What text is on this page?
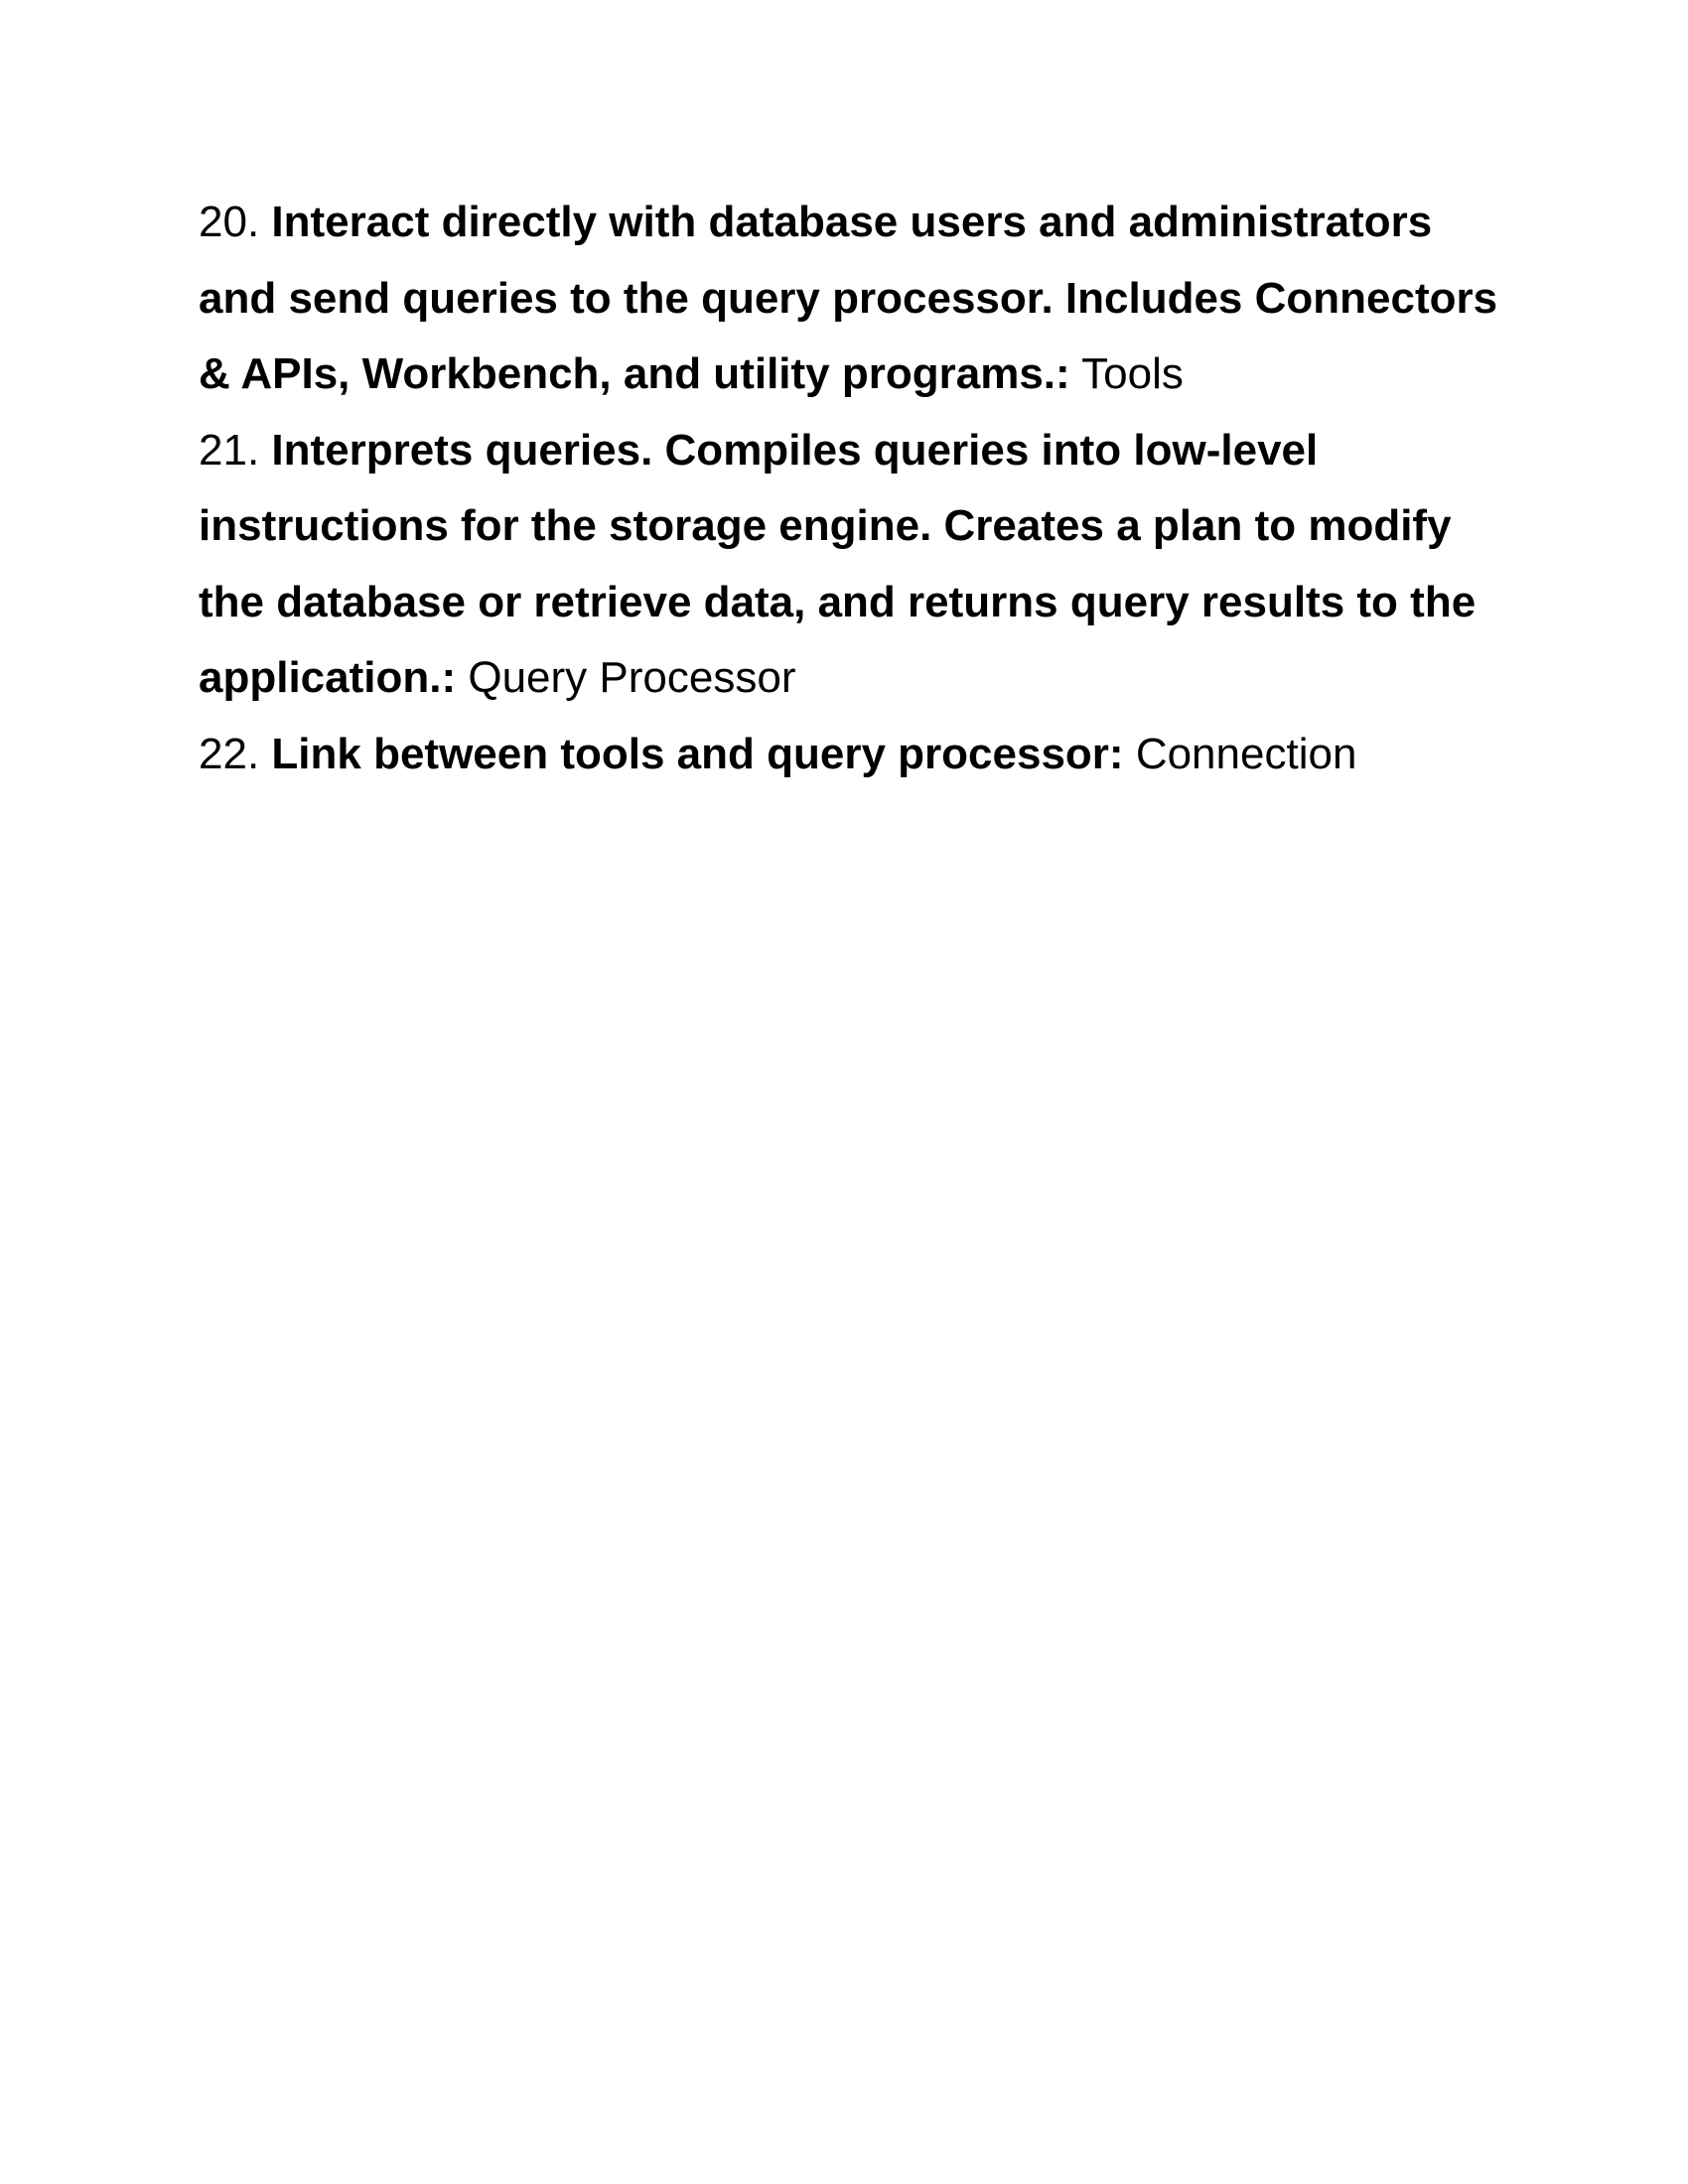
20. Interact directly with database users and administrators and send queries to the query processor. Includes Connectors & APIs, Workbench, and utility programs.: Tools

21. Interprets queries. Compiles queries into low-level instructions for the storage engine. Creates a plan to modify the database or retrieve data, and returns query results to the application.: Query Processor

22. Link between tools and query processor: Connection
